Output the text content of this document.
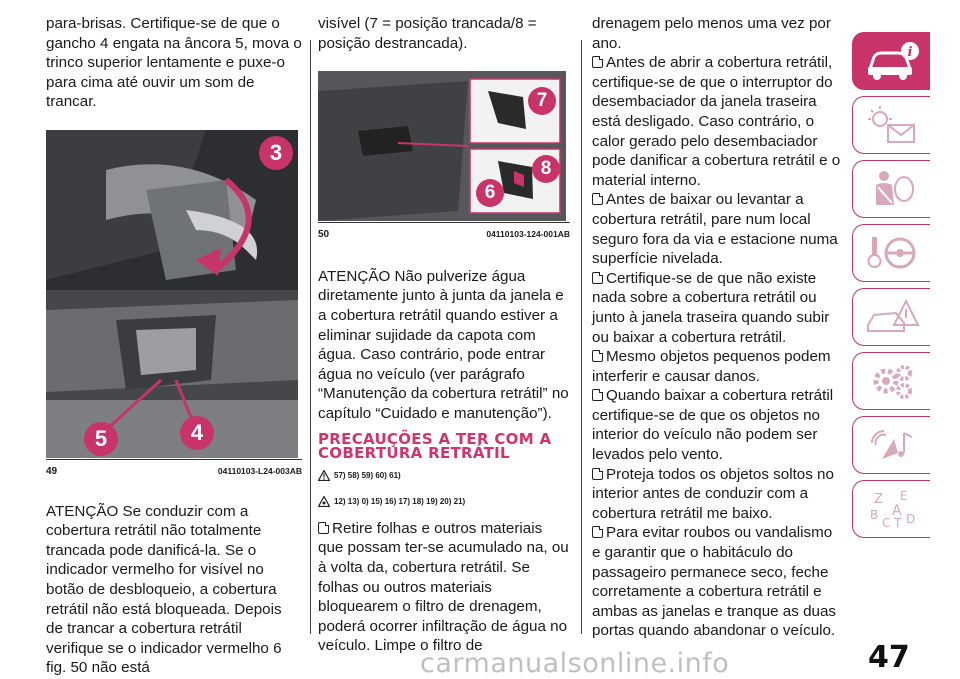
para-brisas. Certifique-se de que o gancho 4 engata na âncora 5, mova o trinco superior lentamente e puxe-o para cima até ouvir um som de trancar.

3
5	4
49	04110103-L24-003AB

ATENÇÃO Se conduzir com a cobertura retrátil não totalmente trancada pode danificá-la. Se o indicador vermelho for visível no botão de desbloqueio, a cobertura retrátil não está bloqueada. Depois de trancar a cobertura retrátil verifique se o indicador vermelho 6 fig. 50 não está

visível (7 = posição trancada/8 = posição destrancada).

7
8
6
50	04110103-124-001AB

ATENÇÃO Não pulverize água diretamente junto à junta da janela e a cobertura retrátil quando estiver a eliminar sujidade da capota com água. Caso contrário, pode entrar água no veículo (ver parágrafo “Manutenção da cobertura retrátil” no capítulo “Cuidado e manutenção”).

PRECAUÇÕES A TER COM A COBERTURA RETRÁTIL
57) 58) 59) 60) 61)
12) 13) 0) 15) 16) 17) 18) 19) 20) 21)

Retire folhas e outros materiais que possam ter-se acumulado na, ou à volta da, cobertura retrátil. Se folhas ou outros materiais bloquearem o filtro de drenagem, poderá ocorrer infiltração de água no veículo. Limpe o filtro de

drenagem pelo menos uma vez por ano.

Antes de abrir a cobertura retrátil, certifique-se de que o interruptor do desembaciador da janela traseira está desligado. Caso contrário, o calor gerado pelo desembaciador pode danificar a cobertura retrátil e o material interno.

Antes de baixar ou levantar a cobertura retrátil, pare num local seguro fora da via e estacione numa superfície nivelada.

Certifique-se de que não existe nada sobre a cobertura retrátil ou junto à janela traseira quando subir ou baixar a cobertura retrátil.

Mesmo objetos pequenos podem interferir e causar danos.

Quando baixar a cobertura retrátil certifique-se de que os objetos no interior do veículo não podem ser levados pelo vento.

Proteja todos os objetos soltos no interior antes de conduzir com a cobertura retrátil me baixo.

Para evitar roubos ou vandalismo e garantir que o habitáculo do passageiro permanece seco, feche corretamente a cobertura retrátil e ambas as janelas e tranque as duas portas quando abandonar o veículo.

i
Z E
A
B
C T D
carmanualsonline.info	47
